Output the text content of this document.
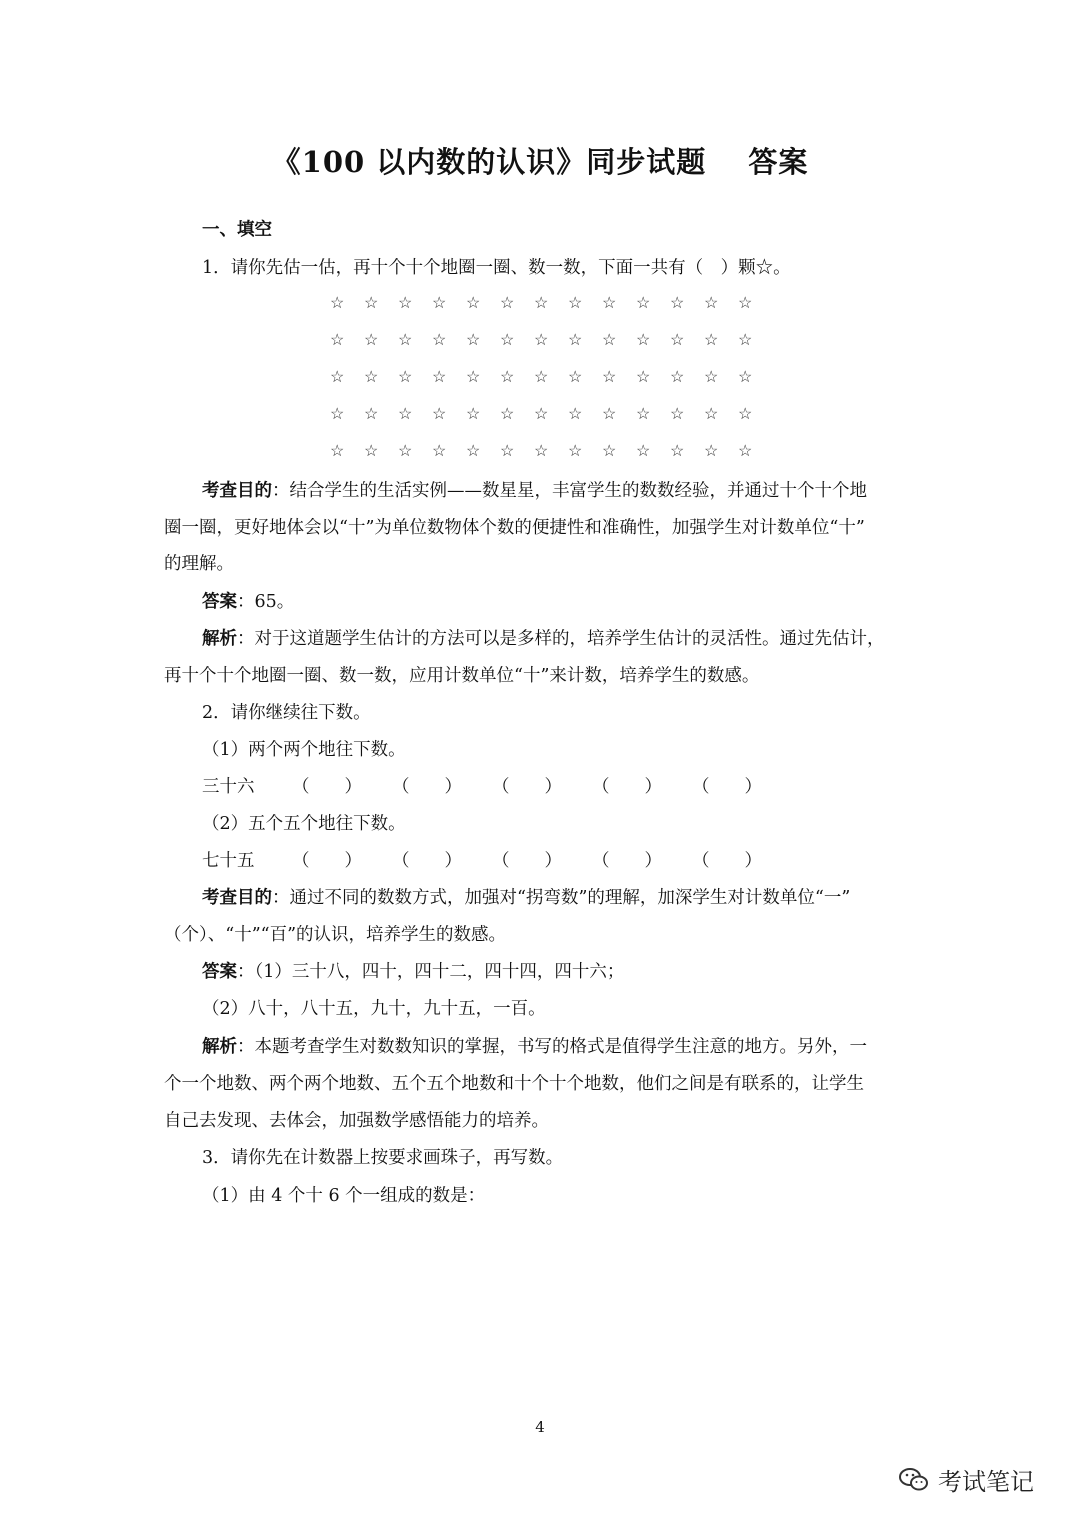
《100 以内数的认识》同步试题 答案
一、填空
1．请你先估一估，再十个十个地圈一圈、数一数，下面一共有（　）颗☆。
☆ ☆ ☆ ☆ ☆ ☆ ☆ ☆ ☆ ☆ ☆ ☆ ☆
☆ ☆ ☆ ☆ ☆ ☆ ☆ ☆ ☆ ☆ ☆ ☆ ☆
☆ ☆ ☆ ☆ ☆ ☆ ☆ ☆ ☆ ☆ ☆ ☆ ☆
☆ ☆ ☆ ☆ ☆ ☆ ☆ ☆ ☆ ☆ ☆ ☆ ☆
☆ ☆ ☆ ☆ ☆ ☆ ☆ ☆ ☆ ☆ ☆ ☆ ☆
考查目的：结合学生的生活实例——数星星，丰富学生的数数经验，并通过十个十个地
圈一圈，更好地体会以“十”为单位数物体个数的便捷性和准确性，加强学生对计数单位“十”
的理解。
答案：65。
解析：对于这道题学生估计的方法可以是多样的，培养学生估计的灵活性。通过先估计，
再十个十个地圈一圈、数一数，应用计数单位“十”来计数，培养学生的数感。
2．请你继续往下数。
（1）两个两个地往下数。
三十六 （　　） （　　） （　　） （　　） （　　）
（2）五个五个地往下数。
七十五 （　　） （　　） （　　） （　　） （　　）
考查目的：通过不同的数数方式，加强对“拐弯数”的理解，加深学生对计数单位“一”
（个）、“十”“百”的认识，培养学生的数感。
答案：（1）三十八，四十，四十二，四十四，四十六；
（2）八十，八十五，九十，九十五，一百。
解析：本题考查学生对数数知识的掌握，书写的格式是值得学生注意的地方。另外，一
个一个地数、两个两个地数、五个五个地数和十个十个地数，他们之间是有联系的，让学生
自己去发现、去体会，加强数学感悟能力的培养。
3．请你先在计数器上按要求画珠子，再写数。
（1）由 4 个十 6 个一组成的数是：
4
考试笔记
